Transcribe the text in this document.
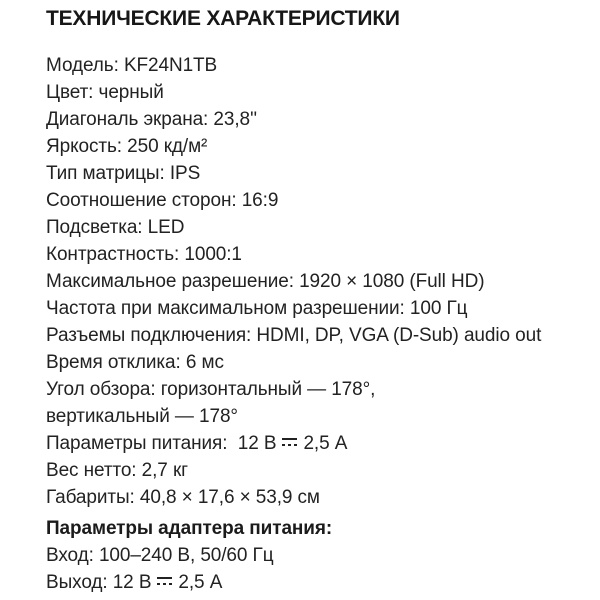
ТЕХНИЧЕСКИЕ ХАРАКТЕРИСТИКИ
Модель: KF24N1TB
Цвет: черный
Диагональ экрана: 23,8''
Яркость: 250 кд/м²
Тип матрицы: IPS
Соотношение сторон: 16:9
Подсветка: LED
Контрастность: 1000:1
Максимальное разрешение: 1920 × 1080 (Full HD)
Частота при максимальном разрешении: 100 Гц
Разъемы подключения: HDMI, DP, VGA (D-Sub) audio out
Время отклика: 6 мс
Угол обзора: горизонтальный — 178°,
вертикальный — 178°
Параметры питания:  12 В 2,5 А
Вес нетто: 2,7 кг
Габариты: 40,8 × 17,6 × 53,9 см
Параметры адаптера питания:
Вход: 100–240 В, 50/60 Гц
Выход: 12 В 2,5 А
